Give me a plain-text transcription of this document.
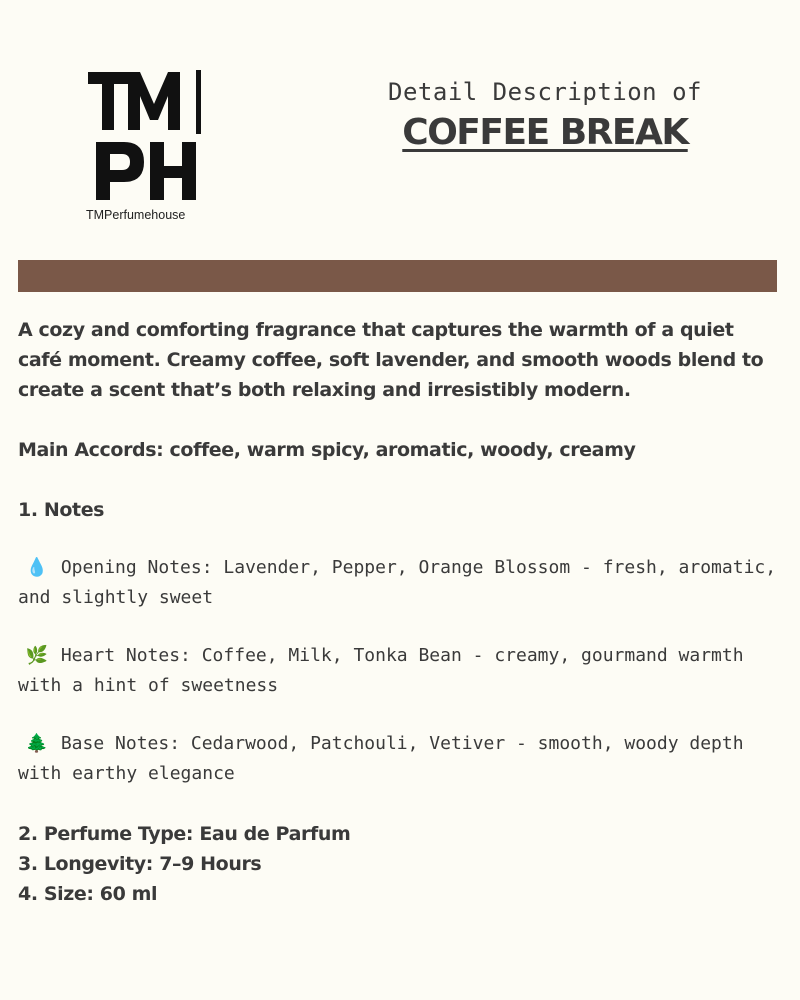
TMPerfumehouse
Detail Description of
COFFEE BREAK

A cozy and comforting fragrance that captures the warmth of a quiet café moment. Creamy coffee, soft lavender, and smooth woods blend to create a scent that’s both relaxing and irresistibly modern.

Main Accords: coffee, warm spicy, aromatic, woody, creamy

1. Notes

💧 Opening Notes: Lavender, Pepper, Orange Blossom - fresh, aromatic, and slightly sweet

🌿 Heart Notes: Coffee, Milk, Tonka Bean - creamy, gourmand warmth with a hint of sweetness

🌲 Base Notes: Cedarwood, Patchouli, Vetiver - smooth, woody depth with earthy elegance

2. Perfume Type: Eau de Parfum

3. Longevity: 7–9 Hours

4. Size: 60 ml
